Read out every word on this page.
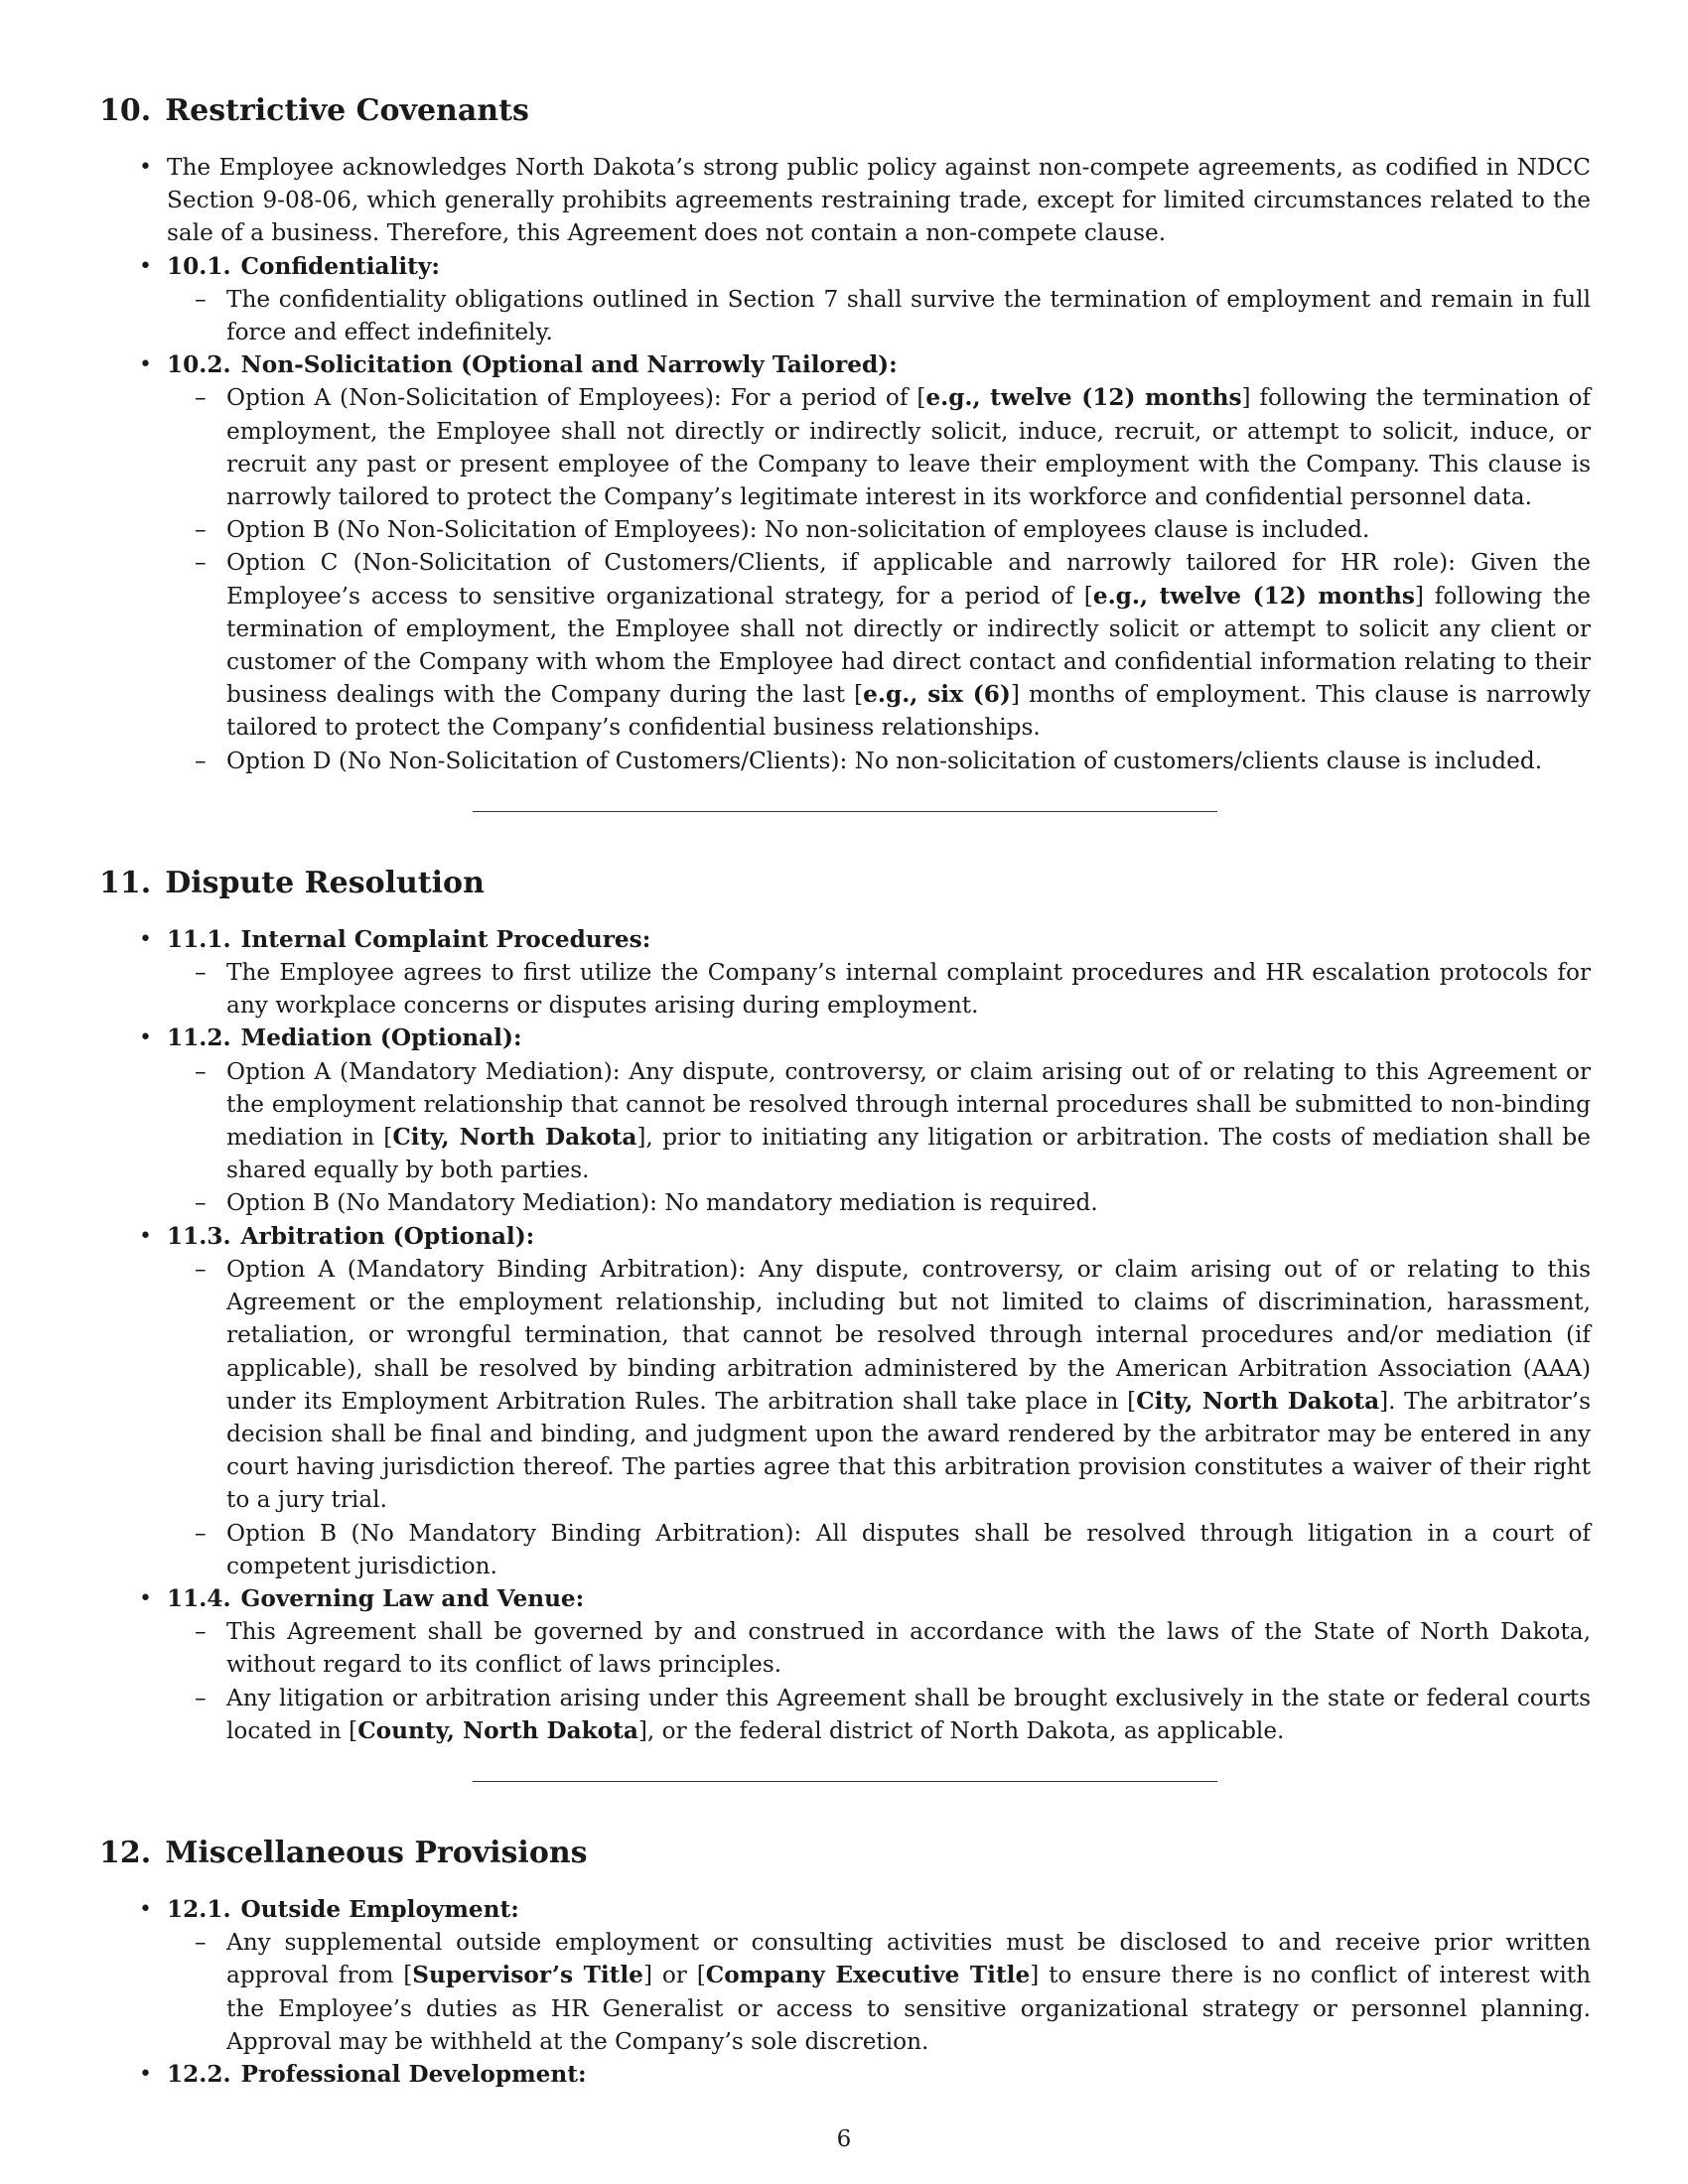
10. Restrictive Covenants
• The Employee acknowledges North Dakota’s strong public policy against non-compete agreements, as codified in NDCC Section 9-08-06, which generally prohibits agreements restraining trade, except for limited circumstances related to the sale of a business. Therefore, this Agreement does not contain a non-compete clause.
• 10.1. Confidentiality:
– The confidentiality obligations outlined in Section 7 shall survive the termination of employment and remain in full force and effect indefinitely.
• 10.2. Non-Solicitation (Optional and Narrowly Tailored):
– Option A (Non-Solicitation of Employees): For a period of [e.g., twelve (12) months] following the termination of employment, the Employee shall not directly or indirectly solicit, induce, recruit, or attempt to solicit, induce, or recruit any past or present employee of the Company to leave their employment with the Company. This clause is narrowly tailored to protect the Company’s legitimate interest in its workforce and confidential personnel data.
– Option B (No Non-Solicitation of Employees): No non-solicitation of employees clause is included.
– Option C (Non-Solicitation of Customers/Clients, if applicable and narrowly tailored for HR role): Given the Employee’s access to sensitive organizational strategy, for a period of [e.g., twelve (12) months] following the termination of employment, the Employee shall not directly or indirectly solicit or attempt to solicit any client or customer of the Company with whom the Employee had direct contact and confidential information relating to their business dealings with the Company during the last [e.g., six (6)] months of employment. This clause is narrowly tailored to protect the Company’s confidential business relationships.
– Option D (No Non-Solicitation of Customers/Clients): No non-solicitation of customers/clients clause is included.
11. Dispute Resolution
• 11.1. Internal Complaint Procedures:
– The Employee agrees to first utilize the Company’s internal complaint procedures and HR escalation protocols for any workplace concerns or disputes arising during employment.
• 11.2. Mediation (Optional):
– Option A (Mandatory Mediation): Any dispute, controversy, or claim arising out of or relating to this Agreement or the employment relationship that cannot be resolved through internal procedures shall be submitted to non-binding mediation in [City, North Dakota], prior to initiating any litigation or arbitration. The costs of mediation shall be shared equally by both parties.
– Option B (No Mandatory Mediation): No mandatory mediation is required.
• 11.3. Arbitration (Optional):
– Option A (Mandatory Binding Arbitration): Any dispute, controversy, or claim arising out of or relating to this Agreement or the employment relationship, including but not limited to claims of discrimination, harassment, retaliation, or wrongful termination, that cannot be resolved through internal procedures and/or mediation (if applicable), shall be resolved by binding arbitration administered by the American Arbitration Association (AAA) under its Employment Arbitration Rules. The arbitration shall take place in [City, North Dakota]. The arbitrator’s decision shall be final and binding, and judgment upon the award rendered by the arbitrator may be entered in any court having jurisdiction thereof. The parties agree that this arbitration provision constitutes a waiver of their right to a jury trial.
– Option B (No Mandatory Binding Arbitration): All disputes shall be resolved through litigation in a court of competent jurisdiction.
• 11.4. Governing Law and Venue:
– This Agreement shall be governed by and construed in accordance with the laws of the State of North Dakota, without regard to its conflict of laws principles.
– Any litigation or arbitration arising under this Agreement shall be brought exclusively in the state or federal courts located in [County, North Dakota], or the federal district of North Dakota, as applicable.
12. Miscellaneous Provisions
• 12.1. Outside Employment:
– Any supplemental outside employment or consulting activities must be disclosed to and receive prior written approval from [Supervisor’s Title] or [Company Executive Title] to ensure there is no conflict of interest with the Employee’s duties as HR Generalist or access to sensitive organizational strategy or personnel planning. Approval may be withheld at the Company’s sole discretion.
• 12.2. Professional Development:
6
